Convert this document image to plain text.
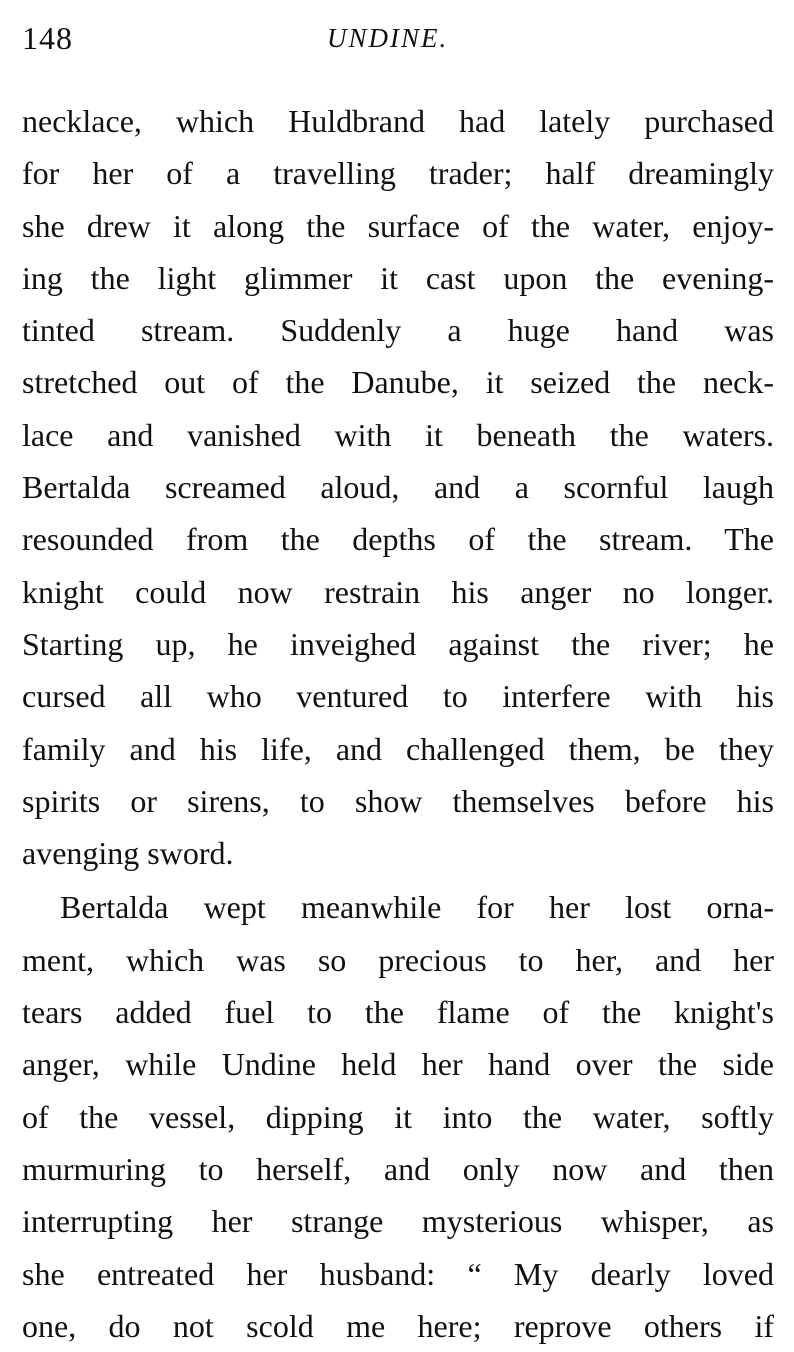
148	UNDINE.
necklace, which Huldbrand had lately purchased
for her of a travelling trader; half dreamingly
she drew it along the surface of the water, enjoy-
ing the light glimmer it cast upon the evening-
tinted stream. Suddenly a huge hand was
stretched out of the Danube, it seized the neck-
lace and vanished with it beneath the waters.
Bertalda screamed aloud, and a scornful laugh
resounded from the depths of the stream. The
knight could now restrain his anger no longer.
Starting up, he inveighed against the river; he
cursed all who ventured to interfere with his
family and his life, and challenged them, be they
spirits or sirens, to show themselves before his
avenging sword.
Bertalda wept meanwhile for her lost orna-
ment, which was so precious to her, and her
tears added fuel to the flame of the knight's
anger, while Undine held her hand over the side
of the vessel, dipping it into the water, softly
murmuring to herself, and only now and then
interrupting her strange mysterious whisper, as
she entreated her husband: “ My dearly loved
one, do not scold me here; reprove others if
